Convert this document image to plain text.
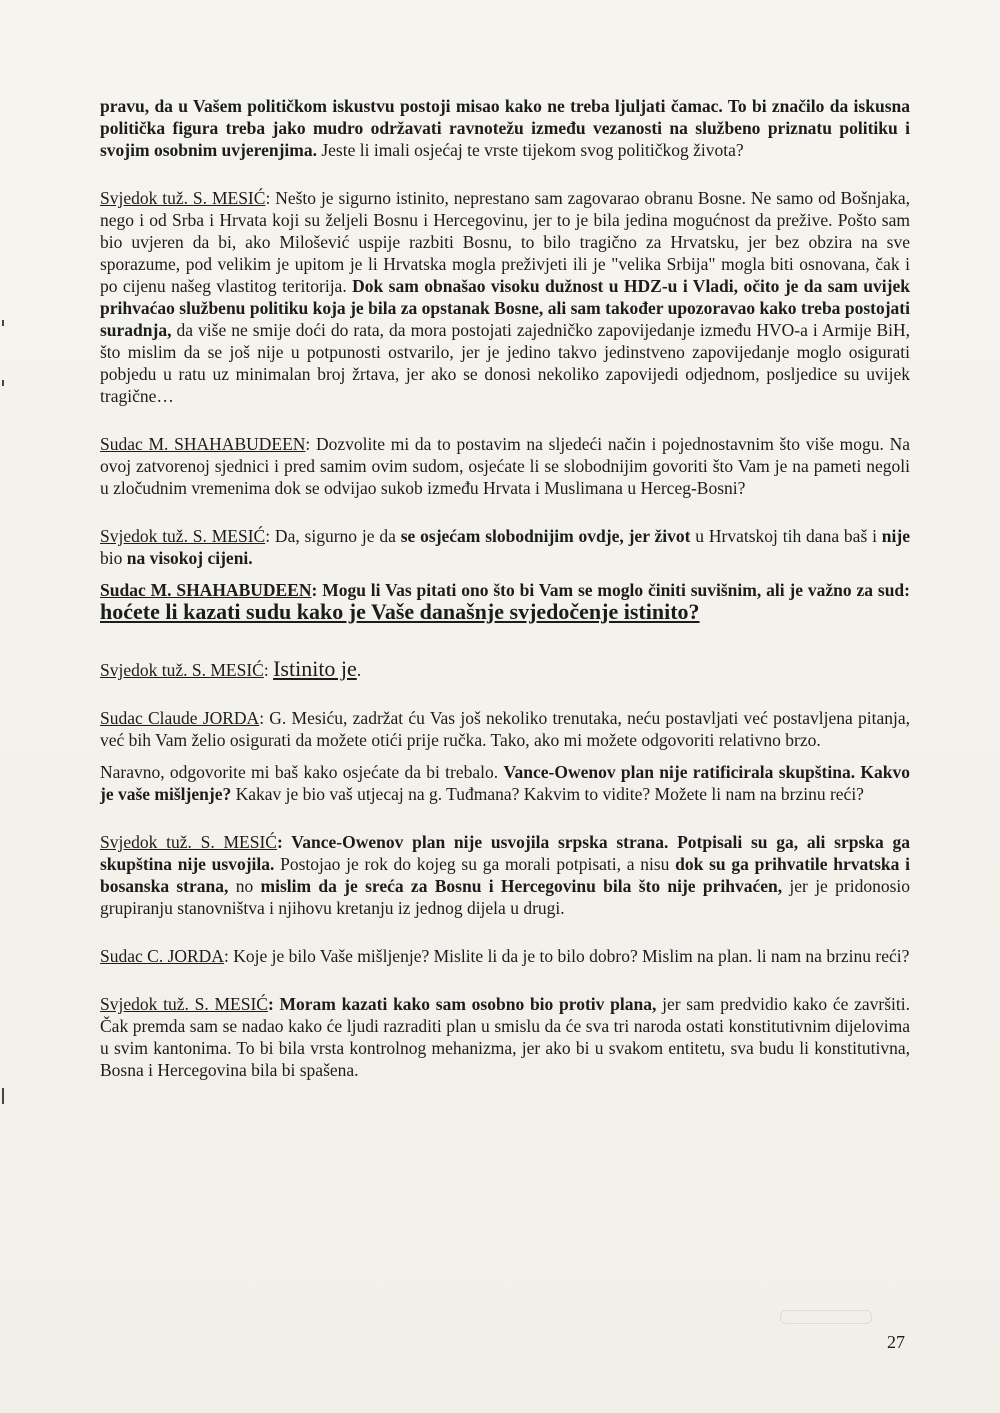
pravu, da u Vašem političkom iskustvu postoji misao kako ne treba ljuljati čamac. To bi značilo da iskusna politička figura treba jako mudro održavati ravnotežu između vezanosti na službeno priznatu politiku i svojim osobnim uvjerenjima. Jeste li imali osjećaj te vrste tijekom svog političkog života?

Svjedok tuž. S. MESIĆ: Nešto je sigurno istinito, neprestano sam zagovarao obranu Bosne. Ne samo od Bošnjaka, nego i od Srba i Hrvata koji su željeli Bosnu i Hercegovinu, jer to je bila jedina mogućnost da preživе. Pošto sam bio uvjeren da bi, ako Milošević uspije razbiti Bosnu, to bilo tragično za Hrvatsku, jer bez obzira na sve sporazume, pod velikim je upitom je li Hrvatska mogla preživjeti ili je "velika Srbija" mogla biti osnovana, čak i po cijenu našeg vlastitog teritorija. Dok sam obnašao visoku dužnost u HDZ-u i Vladi, očito je da sam uvijek prihvaćao službenu politiku koja je bila za opstanak Bosne, ali sam također upozoravao kako treba postojati suradnja, da više ne smije doći do rata, da mora postojati zajedničko zapovijedanje između HVO-a i Armije BiH, što mislim da se još nije u potpunosti ostvarilo, jer je jedino takvo jedinstveno zapovijedanje moglo osigurati pobjedu u ratu uz minimalan broj žrtava, jer ako se donosi nekoliko zapovijedi odjednom, posljedice su uvijek tragične…

Sudac M. SHAHABUDEEN: Dozvolite mi da to postavim na sljedeći način i pojednostavnim što više mogu. Na ovoj zatvorenoj sjednici i pred samim ovim sudom, osjećate li se slobodnijim govoriti što Vam je na pameti negoli u zločudnim vremenima dok se odvijao sukob između Hrvata i Muslimana u Herceg-Bosni?

Svjedok tuž. S. MESIĆ: Da, sigurno je da se osjećam slobodnijim ovdje, jer život u Hrvatskoj tih dana baš i nije bio na visokoj cijeni.

Sudac M. SHAHABUDEEN: Mogu li Vas pitati ono što bi Vam se moglo činiti suvišnim, ali je važno za sud: hoćete li kazati sudu kako je Vaše današnje svjedočenje istinito?

Svjedok tuž. S. MESIĆ: Istinito je.

Sudac Claude JORDA: G. Mesiću, zadržat ću Vas još nekoliko trenutaka, neću postavljati već postavljena pitanja, već bih Vam želio osigurati da možete otići prije ručka. Tako, ako mi možete odgovoriti relativno brzo.

Naravno, odgovorite mi baš kako osjećate da bi trebalo. Vance-Owenov plan nije ratificirala skupština. Kakvo je vaše mišljenje? Kakav je bio vaš utjecaj na g. Tuđmana? Kakvim to vidite? Možete li nam na brzinu reći?

Svjedok tuž. S. MESIĆ: Vance-Owenov plan nije usvojila srpska strana. Potpisali su ga, ali srpska ga skupština nije usvojila. Postojao je rok do kojeg su ga morali potpisati, a nisu dok su ga prihvatile hrvatska i bosanska strana, no mislim da je sreća za Bosnu i Hercegovinu bila što nije prihvaćen, jer je pridonosio grupiranju stanovništva i njihovu kretanju iz jednog dijela u drugi.

Sudac C. JORDA: Koje je bilo Vaše mišljenje? Mislite li da je to bilo dobro? Mislim na plan. li nam na brzinu reći?

Svjedok tuž. S. MESIĆ: Moram kazati kako sam osobno bio protiv plana, jer sam predvidio kako će završiti. Čak premda sam se nadao kako će ljudi razraditi plan u smislu da će sva tri naroda ostati konstitutivnim dijelovima u svim kantonima. To bi bila vrsta kontrolnog mehanizma, jer ako bi u svakom entitetu, sva budu li konstitutivna, Bosna i Hercegovina bila bi spašena.

27
